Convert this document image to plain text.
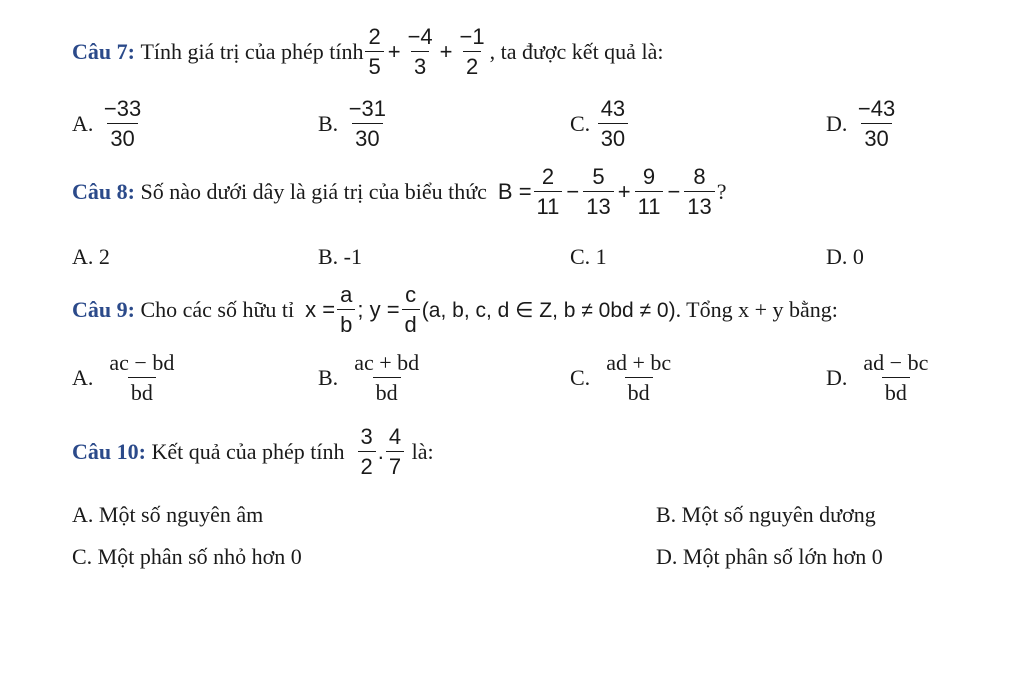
Câu 7:
Tính giá trị của phép tính $\frac{2}{5} + \frac{-4}{3} + \frac{-1}{2}$ , ta được kết quả là:
A.
$\frac{-33}{30}$	B.
$\frac{-31}{30}$	C.
$\frac{43}{30}$	D.
$\frac{-43}{30}$
Câu 8:
Số nào dưới dây là giá trị của biểu thức
$B = \frac{2}{11} - \frac{5}{13} + \frac{9}{11} - \frac{8}{13}$ ?
A. 2	B. -1	C. 1	D. 0
Câu 9:
Cho các số hữu tỉ
$x = \frac{a}{b}$ ; $y = \frac{c}{d} (a$, b, c, d ∈ Z, b ≠ 0bd ≠ 0) . Tổng x + y bằng:
A.
$\frac{ac - bd}{bd}$	B.
$\frac{ac + bd}{bd}$	C.
$\frac{ad + bc}{bd}$	D.
$\frac{ad - bc}{bd}$
Câu 10:
Kết quả của phép tính
$\frac{3}{2}$ . $\frac{4}{7}$
là:
A. Một số nguyên âm	B. Một số nguyên dương
C. Một phân số nhỏ hơn 0	D. Một phân số lớn hơn 0
